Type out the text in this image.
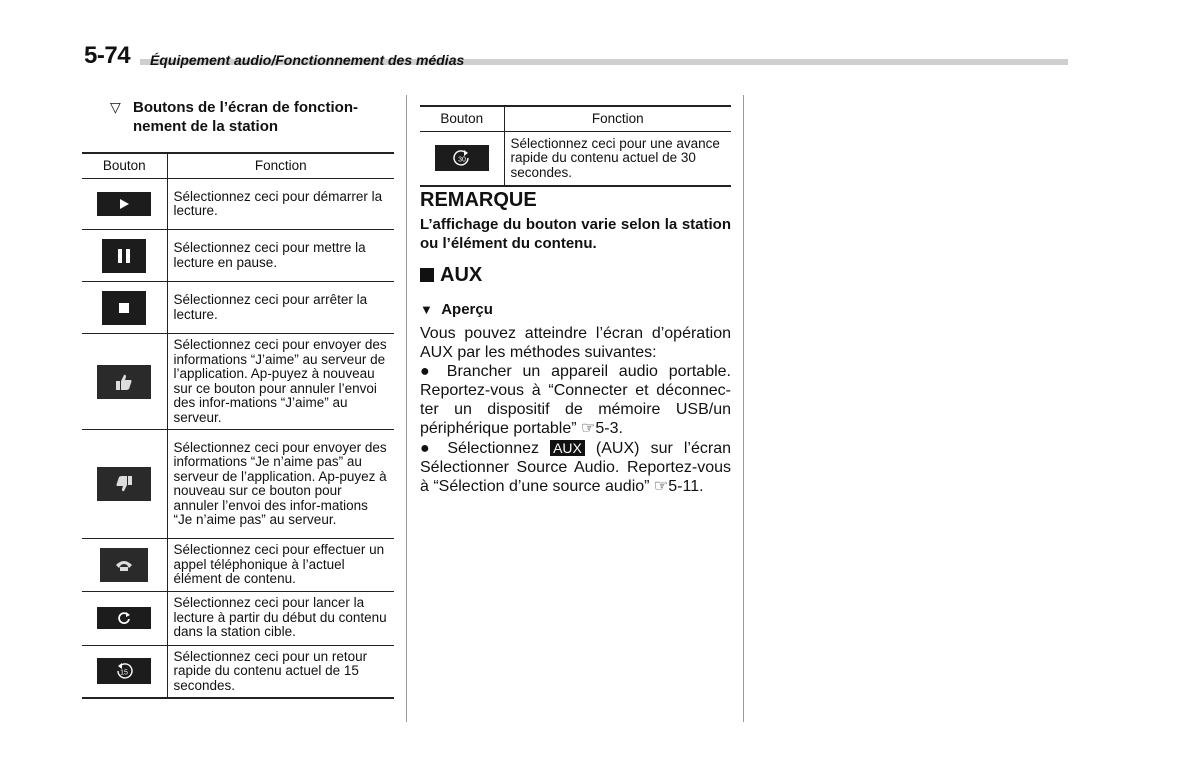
5-74 Équipement audio/Fonctionnement des médias
▽ Boutons de l’écran de fonction-nement de la station
Bouton	Fonction

	Sélectionnez ceci pour démarrer la lecture.

	Sélectionnez ceci pour mettre la lecture en pause.

	Sélectionnez ceci pour arrêter la lecture.

	Sélectionnez ceci pour envoyer des informations “J’aime” au serveur de l’application. Ap-puyez à nouveau sur ce bouton pour annuler l’envoi des infor-mations “J’aime” au serveur.

	Sélectionnez ceci pour envoyer des informations “Je n’aime pas” au serveur de l’application. Ap-puyez à nouveau sur ce bouton pour annuler l’envoi des infor-mations “Je n’aime pas” au serveur.

	Sélectionnez ceci pour effectuer un appel téléphonique à l’actuel élément de contenu.

	Sélectionnez ceci pour lancer la lecture à partir du début du contenu dans la station cible.

15	Sélectionnez ceci pour un retour rapide du contenu actuel de 15 secondes.
Bouton	Fonction

30	Sélectionnez ceci pour une avance rapide du contenu actuel de 30 secondes.
REMARQUE
L’affichage du bouton varie selon la station ou l’élément du contenu.
AUX
▼ Aperçu
Vous pouvez atteindre l’écran d’opération AUX par les méthodes suivantes:
● Brancher un appareil audio portable. Reportez-vous à “Connecter et déconnec-ter un dispositif de mémoire USB/un périphérique portable” ☞5-3.
● Sélectionnez AUX (AUX) sur l’écran Sélectionner Source Audio. Reportez-vous à “Sélection d’une source audio” ☞5-11.
